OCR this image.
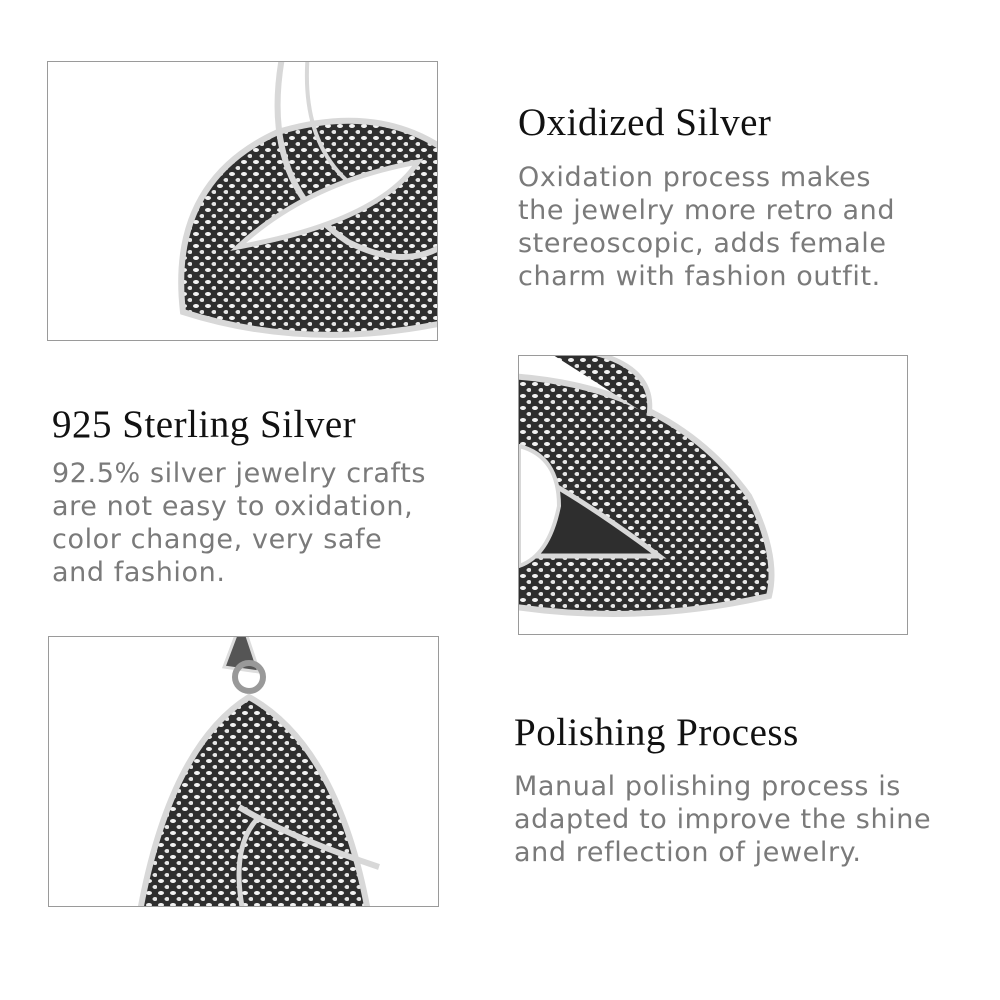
Oxidized Silver
Oxidation process makes
the jewelry more retro and
stereoscopic, adds female
charm with fashion outfit.
925 Sterling Silver
92.5% silver jewelry crafts
are not easy to oxidation,
color change, very safe
and fashion.
Polishing Process
Manual polishing process is
adapted to improve the shine
and reflection of jewelry.
